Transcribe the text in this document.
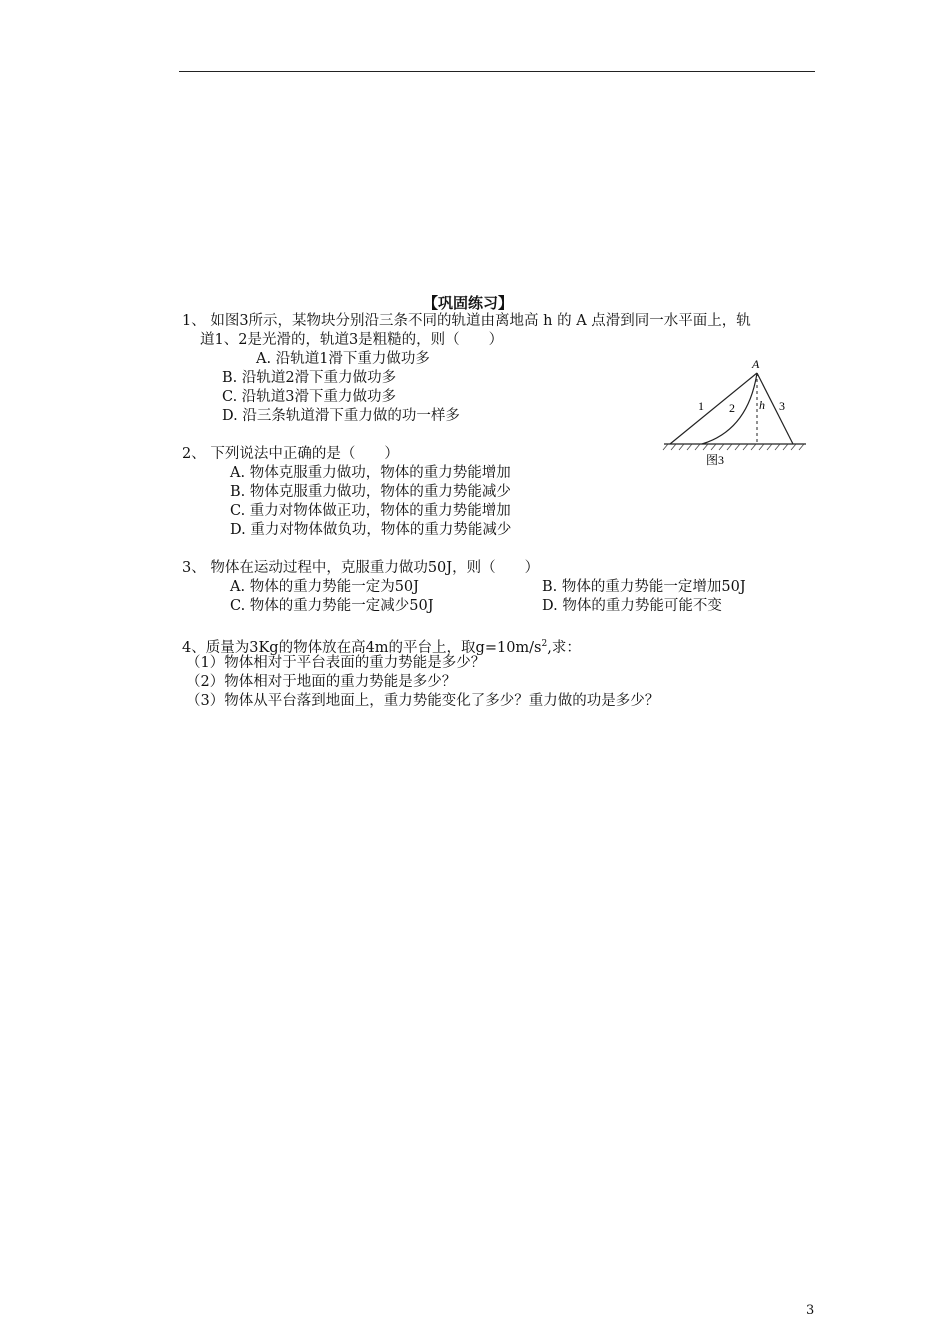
【巩固练习】
1、 如图3所示，某物块分别沿三条不同的轨道由离地高 h 的 A 点滑到同一水平面上，轨
道1、2是光滑的，轨道3是粗糙的，则（　　）
A. 沿轨道1滑下重力做功多
B. 沿轨道2滑下重力做功多
C. 沿轨道3滑下重力做功多
D. 沿三条轨道滑下重力做的功一样多
A
1 2 h 3
图3
2、 下列说法中正确的是（　　）
A. 物体克服重力做功，物体的重力势能增加
B. 物体克服重力做功，物体的重力势能减少
C. 重力对物体做正功，物体的重力势能增加
D. 重力对物体做负功，物体的重力势能减少
3、 物体在运动过程中，克服重力做功50J，则（　　）
A. 物体的重力势能一定为50J	B. 物体的重力势能一定增加50J
C. 物体的重力势能一定减少50J	D. 物体的重力势能可能不变
4、质量为3Kg的物体放在高4m的平台上，取$g=10m/s^2$,求：
（1）物体相对于平台表面的重力势能是多少？
（2）物体相对于地面的重力势能是多少？
（3）物体从平台落到地面上，重力势能变化了多少？重力做的功是多少？
3
